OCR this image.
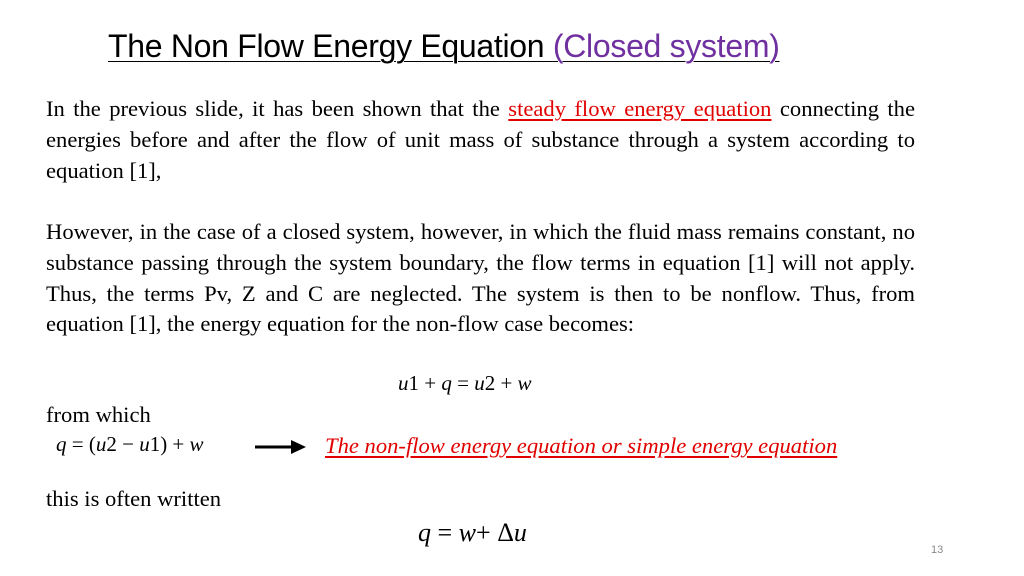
The Non Flow Energy Equation (Closed system)

In the previous slide, it has been shown that the steady flow energy equation connecting the energies before and after the flow of unit mass of substance through a system according to equation [1],

However, in the case of a closed system, however, in which the fluid mass remains constant, no substance passing through the system boundary, the flow terms in equation [1] will not apply. Thus, the terms Pv, Z and C are neglected. The system is then to be nonflow. Thus, from equation [1], the energy equation for the non-flow case becomes:

u1 + q = u2 + w
from which
q = (u2 − u1) + w	The non-flow energy equation or simple energy equation
this is often written
q = w+ Δu
13
